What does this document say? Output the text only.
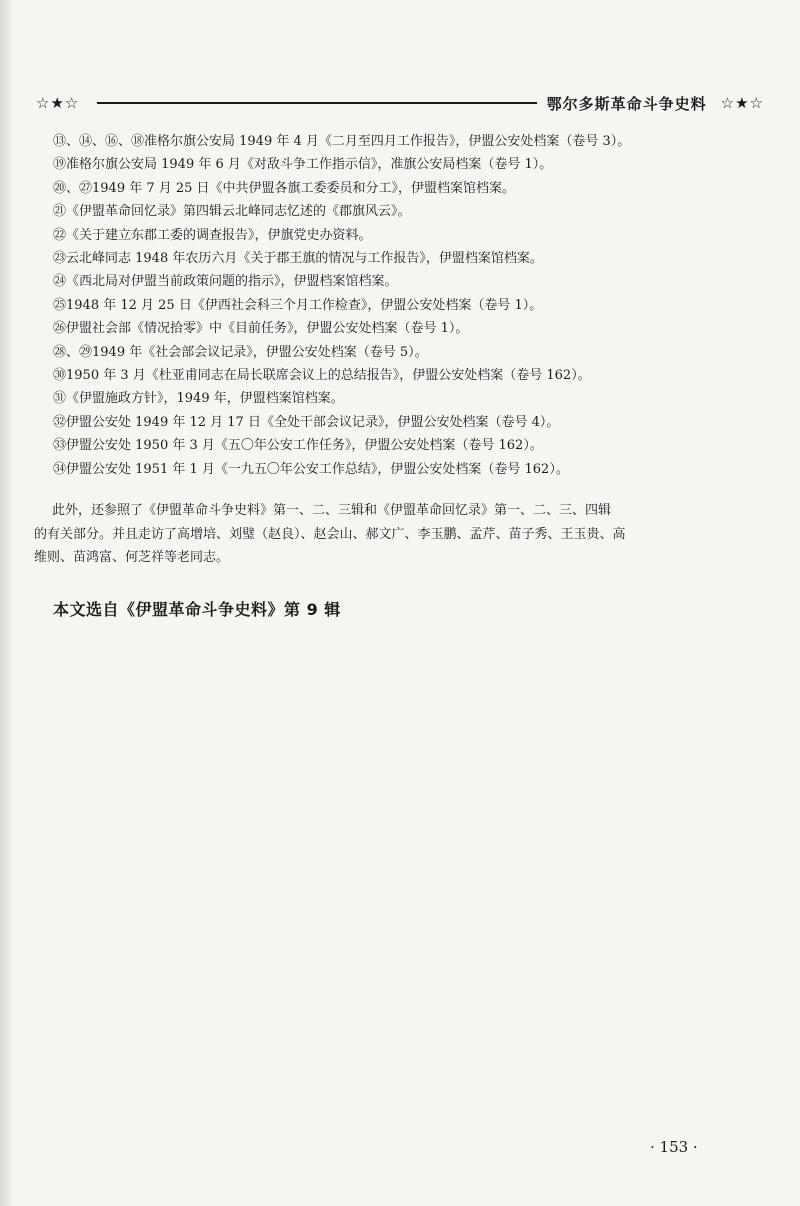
☆★☆	鄂尔多斯革命斗争史料 ☆★☆
⑬、⑭、⑯、⑱准格尔旗公安局 1949 年 4 月《二月至四月工作报告》，伊盟公安处档案（卷号 3）。
⑲准格尔旗公安局 1949 年 6 月《对敌斗争工作指示信》，准旗公安局档案（卷号 1）。
⑳、㉗1949 年 7 月 25 日《中共伊盟各旗工委委员和分工》，伊盟档案馆档案。
㉑《伊盟革命回忆录》第四辑云北峰同志忆述的《郡旗风云》。
㉒《关于建立东郡工委的调查报告》，伊旗党史办资料。
㉓云北峰同志 1948 年农历六月《关于郡王旗的情况与工作报告》，伊盟档案馆档案。
㉔《西北局对伊盟当前政策问题的指示》，伊盟档案馆档案。
㉕1948 年 12 月 25 日《伊西社会科三个月工作检查》，伊盟公安处档案（卷号 1）。
㉖伊盟社会部《情况拾零》中《目前任务》，伊盟公安处档案（卷号 1）。
㉘、㉙1949 年《社会部会议记录》，伊盟公安处档案（卷号 5）。
㉚1950 年 3 月《杜亚甫同志在局长联席会议上的总结报告》，伊盟公安处档案（卷号 162）。
㉛《伊盟施政方针》，1949 年，伊盟档案馆档案。
㉜伊盟公安处 1949 年 12 月 17 日《全处干部会议记录》，伊盟公安处档案（卷号 4）。
㉝伊盟公安处 1950 年 3 月《五〇年公安工作任务》，伊盟公安处档案（卷号 162）。
㉞伊盟公安处 1951 年 1 月《一九五〇年公安工作总结》，伊盟公安处档案（卷号 162）。

此外，还参照了《伊盟革命斗争史料》第一、二、三辑和《伊盟革命回忆录》第一、二、三、四辑
的有关部分。并且走访了高增培、刘璧（赵良）、赵会山、郝文广、李玉鹏、孟芹、苗子秀、王玉贵、高
维则、苗鸿富、何芝祥等老同志。

本文选自《伊盟革命斗争史料》第 9 辑
· 153 ·
